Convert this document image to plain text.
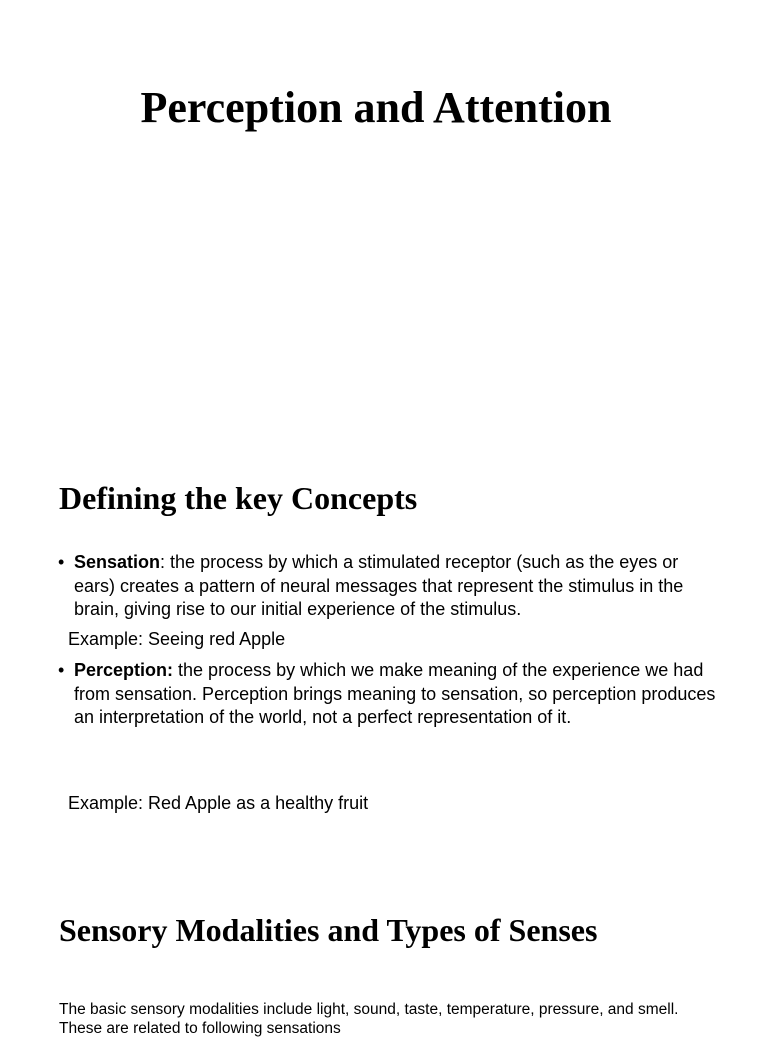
Perception and Attention
Defining the key Concepts
• Sensation: the process by which a stimulated receptor (such as the eyes or ears) creates a pattern of neural messages that represent the stimulus in the brain, giving rise to our initial experience of the stimulus.
Example: Seeing red Apple
• Perception: the process by which we make meaning of the experience we had from sensation. Perception brings meaning to sensation, so perception produces an interpretation of the world, not a perfect representation of it.
Example: Red Apple as a healthy fruit
Sensory Modalities and Types of Senses

The basic sensory modalities include light, sound, taste, temperature, pressure, and smell. These are related to following sensations
